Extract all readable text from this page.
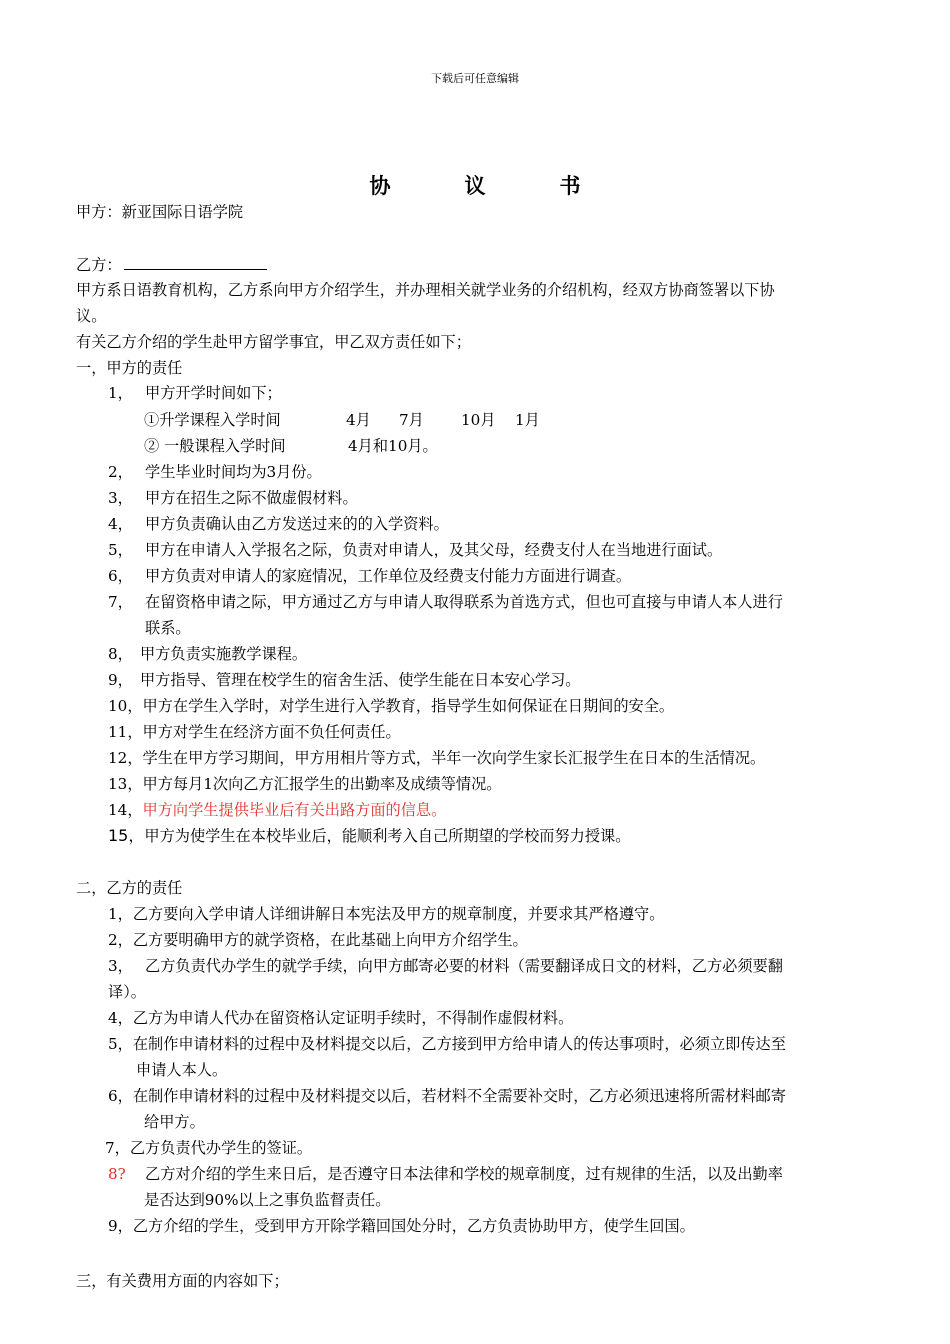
下载后可任意编辑
协	议	书
甲方：新亚国际日语学院
乙方：
甲方系日语教育机构，乙方系向甲方介绍学生，并办理相关就学业务的介绍机构，经双方协商签署以下协
议。
有关乙方介绍的学生赴甲方留学事宜，甲乙双方责任如下；
一，甲方的责任
1， 甲方开学时间如下；
①升学课程入学时间	4月 7月 10月 1月
② 一般课程入学时间	4月和10月。
2， 学生毕业时间均为3月份。
3， 甲方在招生之际不做虚假材料。
4， 甲方负责确认由乙方发送过来的的入学资料。
5， 甲方在申请人入学报名之际，负责对申请人，及其父母，经费支付人在当地进行面试。
6， 甲方负责对申请人的家庭情况，工作单位及经费支付能力方面进行调查。
7， 在留资格申请之际，甲方通过乙方与申请人取得联系为首选方式，但也可直接与申请人本人进行
联系。
8， 甲方负责实施教学课程。
9， 甲方指导、管理在校学生的宿舍生活、使学生能在日本安心学习。
10，甲方在学生入学时，对学生进行入学教育，指导学生如何保证在日期间的安全。
11，甲方对学生在经济方面不负任何责任。
12，学生在甲方学习期间，甲方用相片等方式，半年一次向学生家长汇报学生在日本的生活情况。
13，甲方每月1次向乙方汇报学生的出勤率及成绩等情况。
14，甲方向学生提供毕业后有关出路方面的信息。
15，甲方为使学生在本校毕业后，能顺利考入自己所期望的学校而努力授课。
二，乙方的责任
1，乙方要向入学申请人详细讲解日本宪法及甲方的规章制度，并要求其严格遵守。
2，乙方要明确甲方的就学资格，在此基础上向甲方介绍学生。
3， 乙方负责代办学生的就学手续，向甲方邮寄必要的材料（需要翻译成日文的材料，乙方必须要翻
译）。
4，乙方为申请人代办在留资格认定证明手续时，不得制作虚假材料。
5，在制作申请材料的过程中及材料提交以后，乙方接到甲方给申请人的传达事项时，必须立即传达至
申请人本人。
6，在制作申请材料的过程中及材料提交以后，若材料不全需要补交时，乙方必须迅速将所需材料邮寄
给甲方。
7，乙方负责代办学生的签证。
8? 乙方对介绍的学生来日后，是否遵守日本法律和学校的规章制度，过有规律的生活，以及出勤率
是否达到90%以上之事负监督责任。
9，乙方介绍的学生，受到甲方开除学籍回国处分时，乙方负责协助甲方，使学生回国。
三，有关费用方面的内容如下；
